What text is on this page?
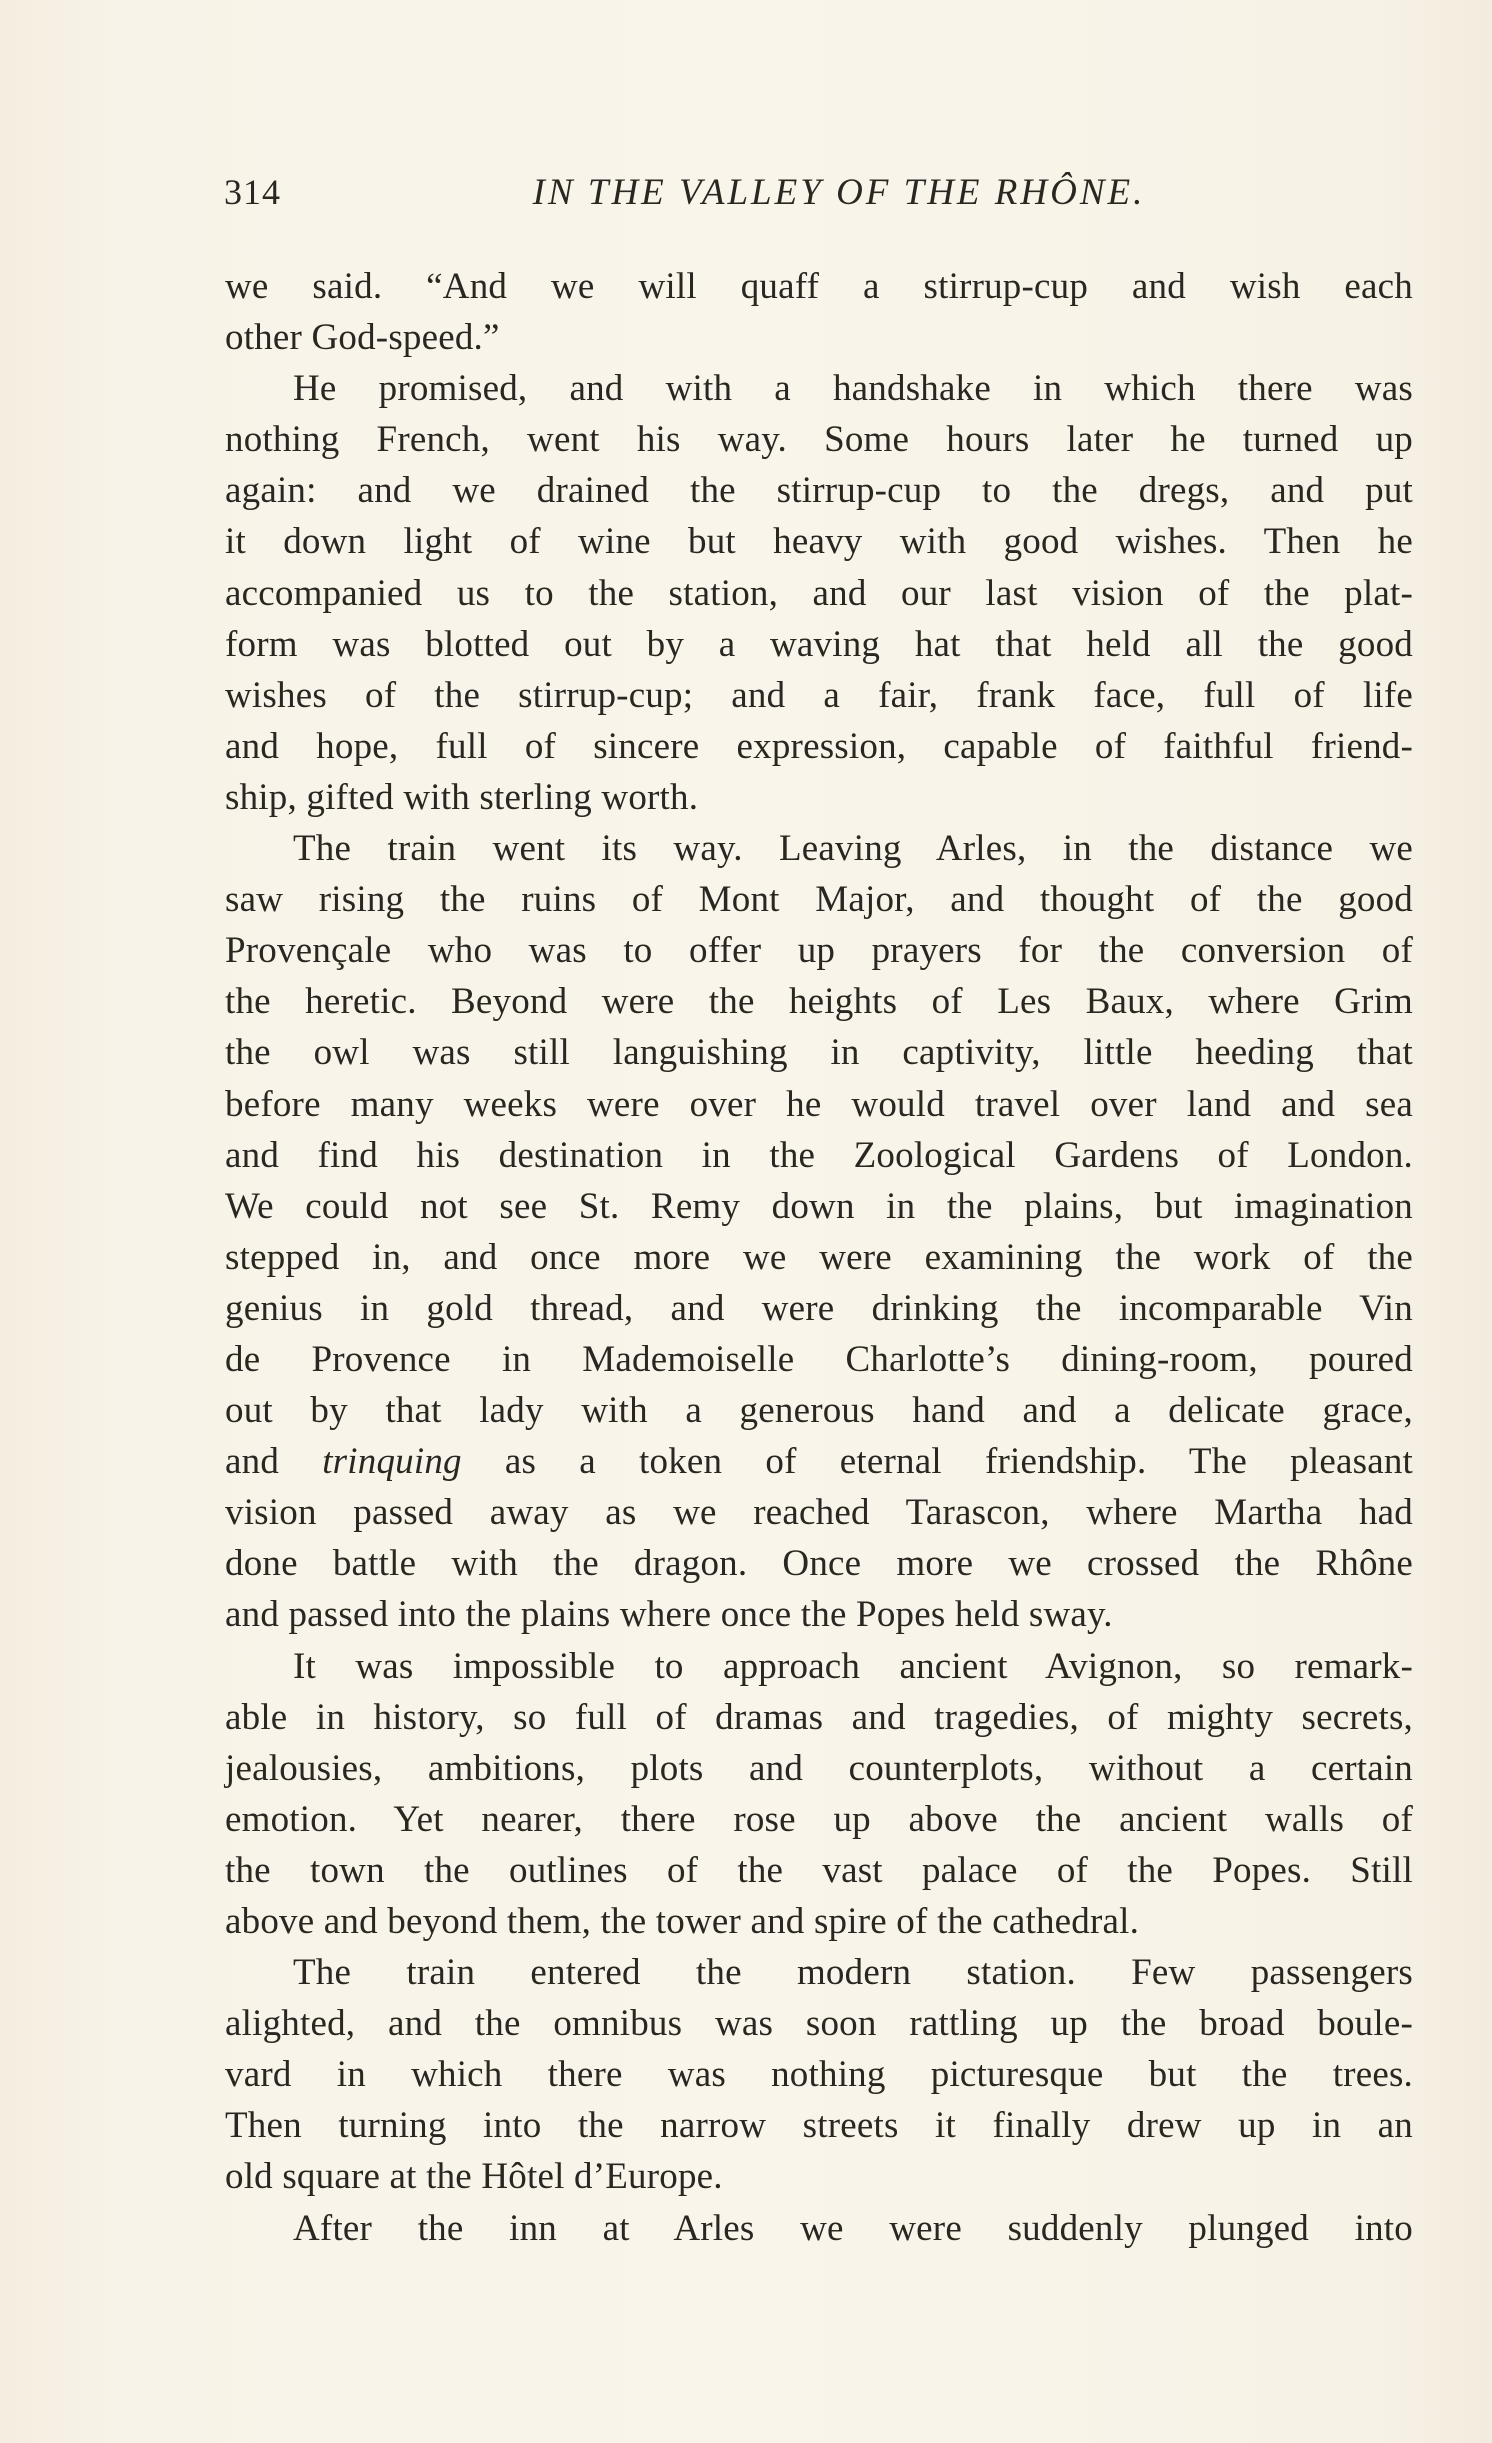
314	IN THE VALLEY OF THE RHÔNE.
we said. “And we will quaff a stirrup-cup and wish each
other God-speed.”
He promised, and with a handshake in which there was
nothing French, went his way. Some hours later he turned up
again: and we drained the stirrup-cup to the dregs, and put
it down light of wine but heavy with good wishes. Then he
accompanied us to the station, and our last vision of the plat-
form was blotted out by a waving hat that held all the good
wishes of the stirrup-cup; and a fair, frank face, full of life
and hope, full of sincere expression, capable of faithful friend-
ship, gifted with sterling worth.
The train went its way. Leaving Arles, in the distance we
saw rising the ruins of Mont Major, and thought of the good
Provençale who was to offer up prayers for the conversion of
the heretic. Beyond were the heights of Les Baux, where Grim
the owl was still languishing in captivity, little heeding that
before many weeks were over he would travel over land and sea
and find his destination in the Zoological Gardens of London.
We could not see St. Remy down in the plains, but imagination
stepped in, and once more we were examining the work of the
genius in gold thread, and were drinking the incomparable Vin
de Provence in Mademoiselle Charlotte’s dining-room, poured
out by that lady with a generous hand and a delicate grace,
and trinquing as a token of eternal friendship. The pleasant
vision passed away as we reached Tarascon, where Martha had
done battle with the dragon. Once more we crossed the Rhône
and passed into the plains where once the Popes held sway.
It was impossible to approach ancient Avignon, so remark-
able in history, so full of dramas and tragedies, of mighty secrets,
jealousies, ambitions, plots and counterplots, without a certain
emotion. Yet nearer, there rose up above the ancient walls of
the town the outlines of the vast palace of the Popes. Still
above and beyond them, the tower and spire of the cathedral.
The train entered the modern station. Few passengers
alighted, and the omnibus was soon rattling up the broad boule-
vard in which there was nothing picturesque but the trees.
Then turning into the narrow streets it finally drew up in an
old square at the Hôtel d’Europe.
After the inn at Arles we were suddenly plunged into
